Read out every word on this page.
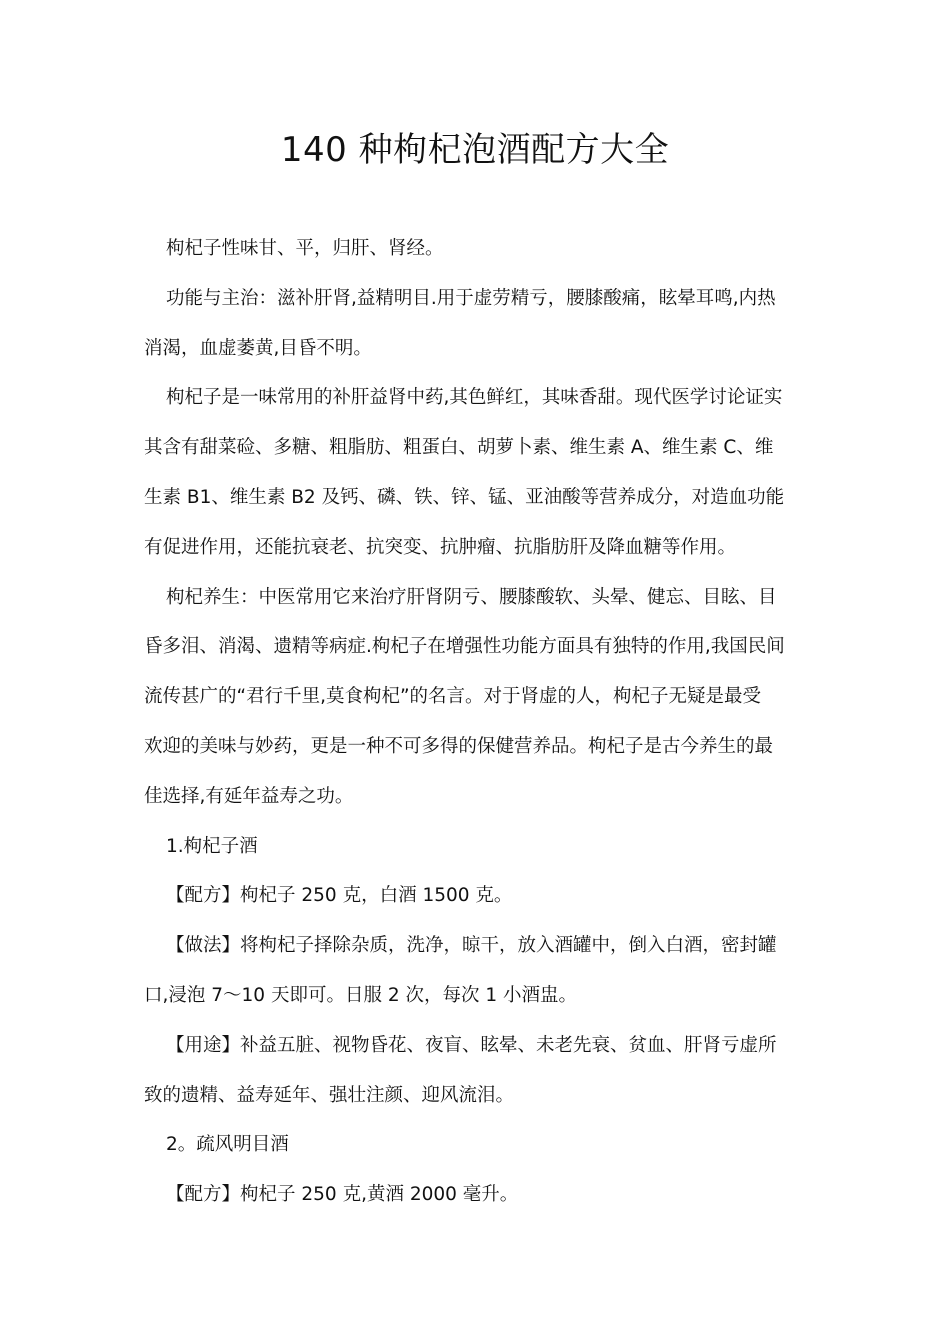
140 种枸杞泡酒配方大全

枸杞子性味甘、平，归肝、肾经。

功能与主治：滋补肝肾,益精明目.用于虚劳精亏，腰膝酸痛，眩晕耳鸣,内热
消渴，血虚萎黄,目昏不明。

枸杞子是一味常用的补肝益肾中药,其色鲜红，其味香甜。现代医学讨论证实
其含有甜菜硷、多糖、粗脂肪、粗蛋白、胡萝卜素、维生素 A、维生素 C、维
生素 B1、维生素 B2 及钙、磷、铁、锌、锰、亚油酸等营养成分，对造血功能
有促进作用，还能抗衰老、抗突变、抗肿瘤、抗脂肪肝及降血糖等作用。

枸杞养生：中医常用它来治疗肝肾阴亏、腰膝酸软、头晕、健忘、目眩、目
昏多泪、消渴、遗精等病症.枸杞子在增强性功能方面具有独特的作用,我国民间
流传甚广的“君行千里,莫食枸杞”的名言。对于肾虚的人，枸杞子无疑是最受
欢迎的美味与妙药，更是一种不可多得的保健营养品。枸杞子是古今养生的最
佳选择,有延年益寿之功。

1.枸杞子酒

【配方】枸杞子 250 克，白酒 1500 克。

【做法】将枸杞子择除杂质，洗净，晾干，放入酒罐中，倒入白酒，密封罐
口,浸泡 7～10 天即可。日服 2 次，每次 1 小酒盅。

【用途】补益五脏、视物昏花、夜盲、眩晕、未老先衰、贫血、肝肾亏虚所
致的遗精、益寿延年、强壮注颜、迎风流泪。

2。疏风明目酒

【配方】枸杞子 250 克,黄酒 2000 毫升。
